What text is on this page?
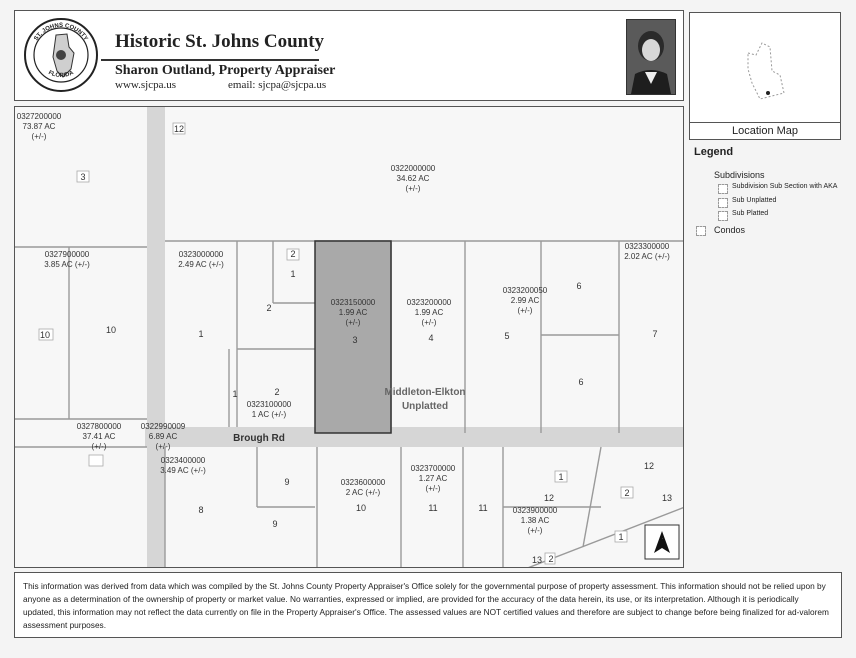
ST. JOHNS COUNTY
FLORIDA
Historic St. Johns County
Sharon Outland, Property Appraiser
www.sjcpa.us	email: sjcpa@sjcpa.us
Location Map
Legend
Subdivisions
Subdivision Sub Section with AKA
Sub Unplatted
Sub Platted
Condos
Brough Rd
Middleton-Elkton
Unplatted
0327200000
73.87 AC
(+/-)
0322000000
34.62 AC
(+/-)
0327900000
3.85 AC (+/-)
0323000000
2.49 AC (+/-)
0323150000
1.99 AC
(+/-)
0323200000
1.99 AC
(+/-)
0323200050
2.99 AC
(+/-)
0323300000
2.02 AC (+/-)
0323100000
1 AC (+/-)
0327800000
37.41 AC
(+/-)
0322990009
6.89 AC
(+/-)
0323400000
3.49 AC (+/-)
0323600000
2 AC (+/-)
0323700000
1.27 AC
(+/-)
0323900000
1.38 AC
(+/-)
12
3
1
2
2
10	10
1
3	4	5
6
7
6
1	2
9
8
9
10	11	11
1
12
12
2	13
1
2
13
N
This information was derived from data which was compiled by the St. Johns County Property Appraiser's Office solely for the governmental purpose of property assessment. This information should not be relied upon by anyone as a determination of the ownership of property or market value. No warranties, expressed or implied, are provided for the accuracy of the data herein, its use, or its interpretation. Although it is periodically updated, this information may not reflect the data currently on file in the Property Appraiser's Office. The assessed values are NOT certified values and therefore are subject to change before being finalized for ad-valorem assessment purposes.
